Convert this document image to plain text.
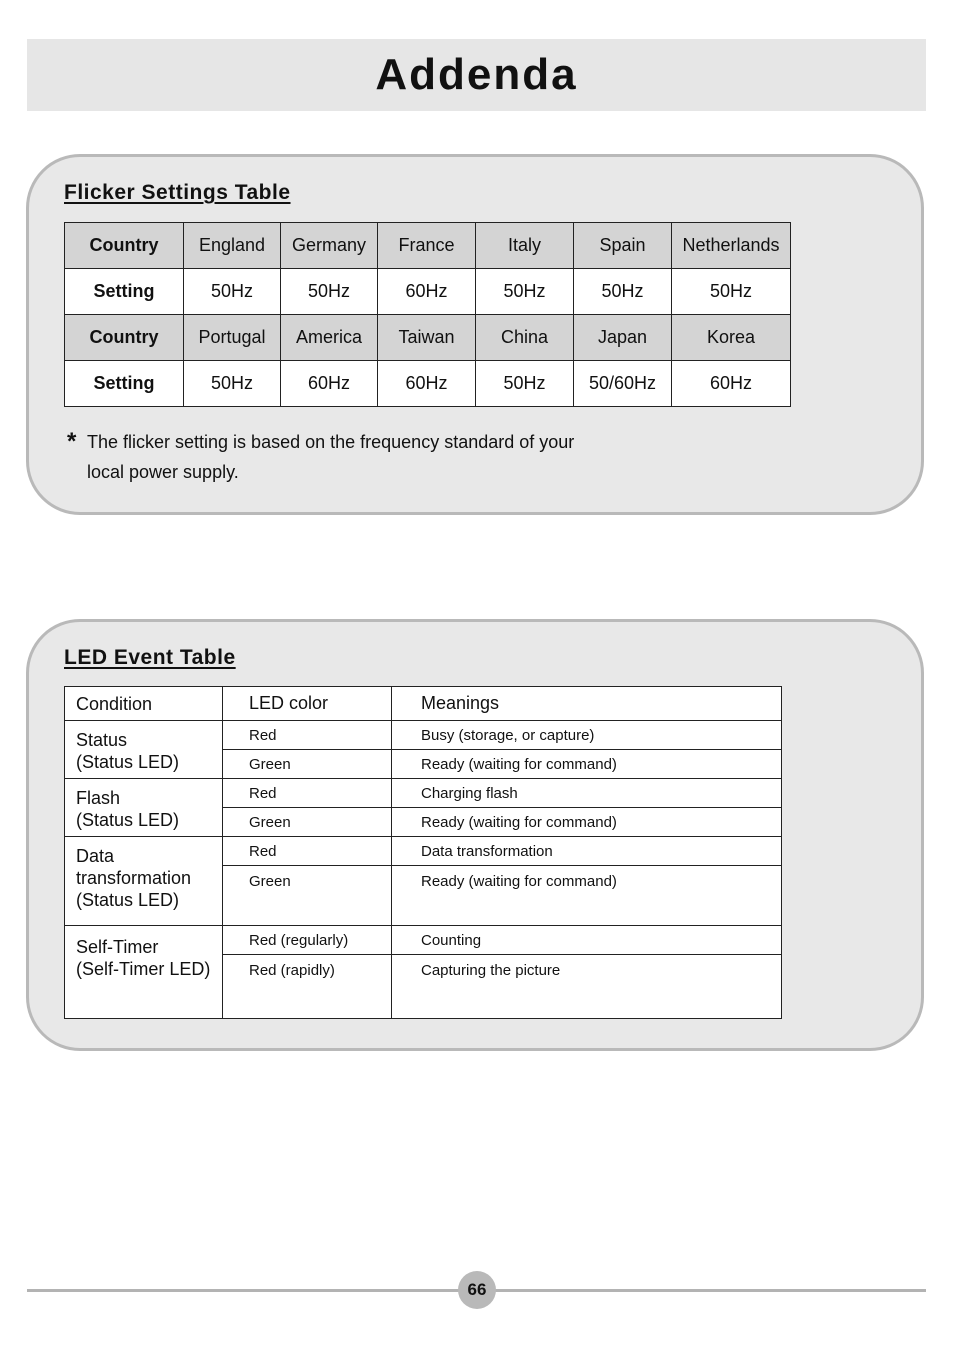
Addenda
Flicker Settings Table
Country	England	Germany	France	Italy	Spain	Netherlands
Setting	50Hz	50Hz	60Hz	50Hz	50Hz	50Hz
Country	Portugal	America	Taiwan	China	Japan	Korea
Setting	50Hz	60Hz	60Hz	50Hz	50/60Hz	60Hz
* The flicker setting is based on the frequency standard of your
local power supply.
LED Event Table
Condition	LED color	Meanings

Status
(Status LED)	Red	Busy (storage, or capture)
	Green	Ready (waiting for command)

Flash
(Status LED)	Red	Charging flash
	Green	Ready (waiting for command)

Data
transformation
(Status LED)	Red	Data transformation
	Green	Ready (waiting for command)

Self-Timer
(Self-Timer LED)	Red (regularly)	Counting
	Red (rapidly)	Capturing the picture
66
